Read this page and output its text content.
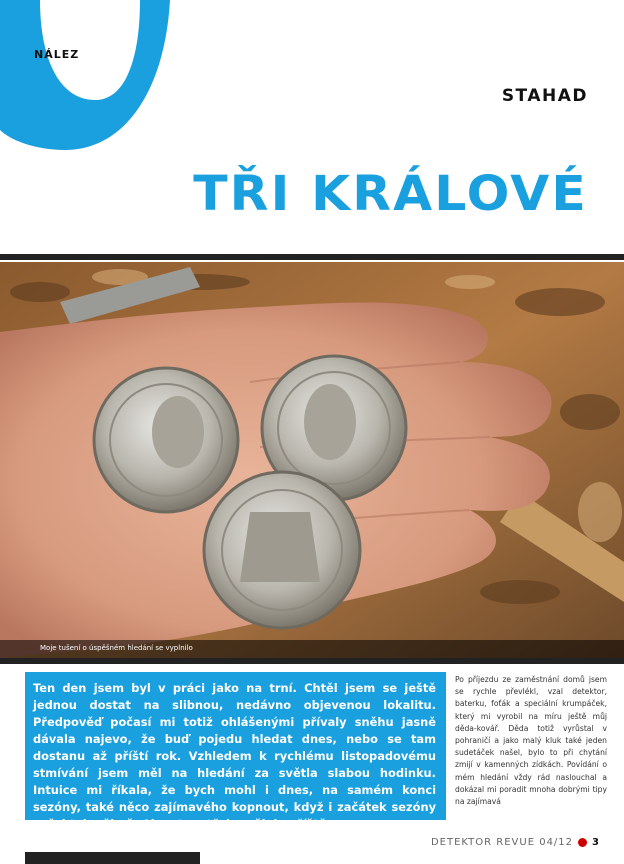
NÁLEZ
STAHAD
TŘI KRÁLOVÉ
Moje tušení o úspěšném hledání se vyplnilo

Ten den jsem byl v práci jako na trní. Chtěl jsem se ještě jednou dostat na slibnou, nedávno objevenou lokalitu. Předpověď počasí mi totiž ohlášenými přívaly sněhu jasně dávala najevo, že buď pojedu hledat dnes, nebo se tam dostanu až příští rok. Vzhledem k rychlému listopadovému stmívání jsem měl na hledání za světla slabou hodinku. Intuice mi říkala, že bych mohl i dnes, na samém konci sezóny, také něco zajímavého kopnout, když i začátek sezóny začal tak pěkně. Ale o tom třeba někdy příště.

Po příjezdu ze zaměstnání domů jsem se rychle převlékl, vzal detektor, baterku, foťák a speciální krumpáček, který mi vyrobil na míru ještě můj děda-kovář. Děda totiž vyrůstal v pohraničí a jako malý kluk také jeden sudetáček našel, bylo to při chytání zmijí v kamenných zídkách. Povídání o mém hledání vždy rád naslouchal a dokázal mi poradit mnoha dobrými tipy na zajímavá

DETEKTOR REVUE 04/12 3
